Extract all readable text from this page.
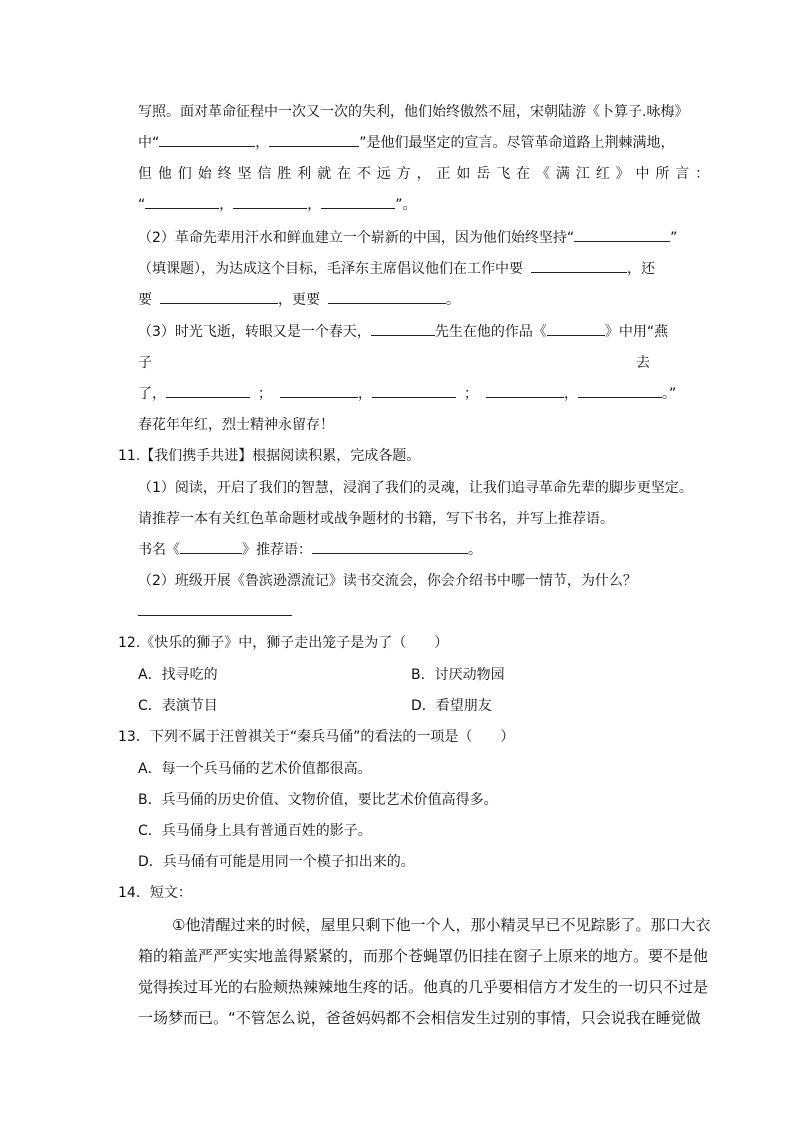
写照。面对革命征程中一次又一次的失利，他们始终傲然不屈，宋朝陆游《卜算子.咏梅》
中“	，	”是他们最坚定的宣言。尽管革命道路上荆棘满地，
但他们始终坚信胜利就在不远方，正如岳飞在《满江红》中所言：
“	，	，	”。
（2）革命先辈用汗水和鲜血建立一个崭新的中国，因为他们始终坚持“	”
（填课题），为达成这个目标，毛泽东主席倡议他们在工作中要	，还
要	，更要	。
（3）时光飞逝，转眼又是一个春天，	先生在他的作品《	》中用“燕
子	去
了，	；	，	；	，	。”
春花年年红，烈士精神永留存！
11.【我们携手共进】根据阅读积累，完成各题。
（1）阅读，开启了我们的智慧，浸润了我们的灵魂，让我们追寻革命先辈的脚步更坚定。
请推荐一本有关红色革命题材或战争题材的书籍，写下书名，并写上推荐语。
书名《	》推荐语：	。
（2）班级开展《鲁滨逊漂流记》读书交流会，你会介绍书中哪一情节，为什么？
12.《快乐的狮子》中，狮子走出笼子是为了（　　）
A．找寻吃的	B．讨厌动物园
C．表演节目	D．看望朋友
13．下列不属于汪曾祺关于“秦兵马俑”的看法的一项是（　　）
A．每一个兵马俑的艺术价值都很高。
B．兵马俑的历史价值、文物价值，要比艺术价值高得多。
C．兵马俑身上具有普通百姓的影子。
D．兵马俑有可能是用同一个模子扣出来的。
14．短文：
①他清醒过来的时候，屋里只剩下他一个人，那小精灵早已不见踪影了。那口大衣
箱的箱盖严严实实地盖得紧紧的，而那个苍蝇罩仍旧挂在窗子上原来的地方。要不是他
觉得挨过耳光的右脸颊热辣辣地生疼的话。他真的几乎要相信方才发生的一切只不过是
一场梦而已。“不管怎么说，爸爸妈妈都不会相信发生过别的事情，只会说我在睡觉做
